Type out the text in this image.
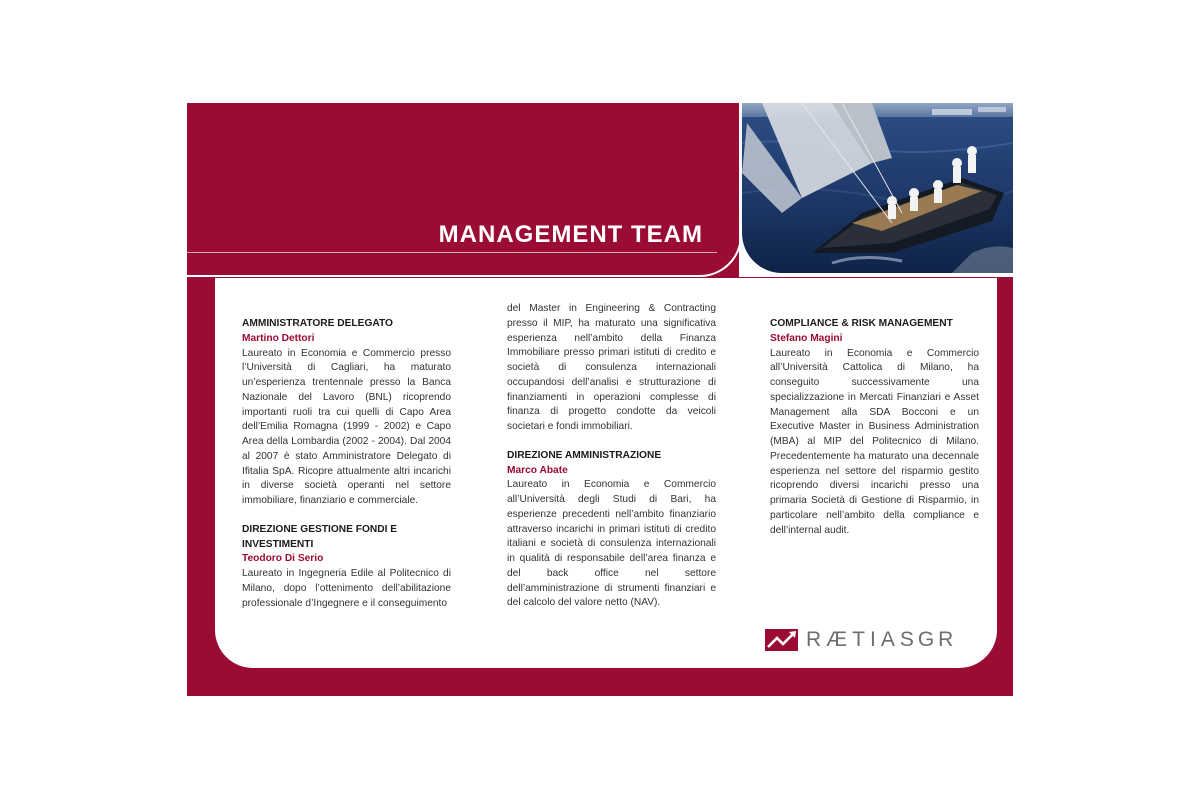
MANAGEMENT TEAM
AMMINISTRATORE DELEGATO
Martino Dettori

Laureato in Economia e Commercio presso l’Università di Cagliari, ha maturato un’esperienza trentennale presso la Banca Nazionale del Lavoro (BNL) ricoprendo importanti ruoli tra cui quelli di Capo Area dell’Emilia Romagna (1999 - 2002) e Capo Area della Lombardia (2002 - 2004). Dal 2004 al 2007 è stato Amministratore Delegato di Ifitalia SpA. Ricopre attualmente altri incarichi in diverse società operanti nel settore immobiliare, finanziario e commerciale.

DIREZIONE GESTIONE FONDI E INVESTIMENTI
Teodoro Di Serio

Laureato in Ingegneria Edile al Politecnico di Milano, dopo l’ottenimento dell’abilitazione professionale d’Ingegnere e il conseguimento

del Master in Engineering & Contracting presso il MIP, ha maturato una significativa esperienza nell’ambito della Finanza Immobiliare presso primari istituti di credito e società di consulenza internazionali occupandosi dell’analisi e strutturazione di finanziamenti in operazioni complesse di finanza di progetto condotte da veicoli societari e fondi immobiliari.

DIREZIONE AMMINISTRAZIONE
Marco Abate

Laureato in Economia e Commercio all’Università degli Studi di Bari, ha esperienze precedenti nell’ambito finanziario attraverso incarichi in primari istituti di credito italiani e società di consulenza internazionali in qualità di responsabile dell’area finanza e del back office nel settore dell’amministrazione di strumenti finanziari e del calcolo del valore netto (NAV).

COMPLIANCE & RISK MANAGEMENT
Stefano Magini

Laureato in Economia e Commercio all’Università Cattolica di Milano, ha conseguito successivamente una specializzazione in Mercati Finanziari e Asset Management alla SDA Bocconi e un Executive Master in Business Administration (MBA) al MIP del Politecnico di Milano. Precedentemente ha maturato una decennale esperienza nel settore del risparmio gestito ricoprendo diversi incarichi presso una primaria Società di Gestione di Risparmio, in particolare nell’ambito della compliance e dell’internal audit.

RÆTIASGR
